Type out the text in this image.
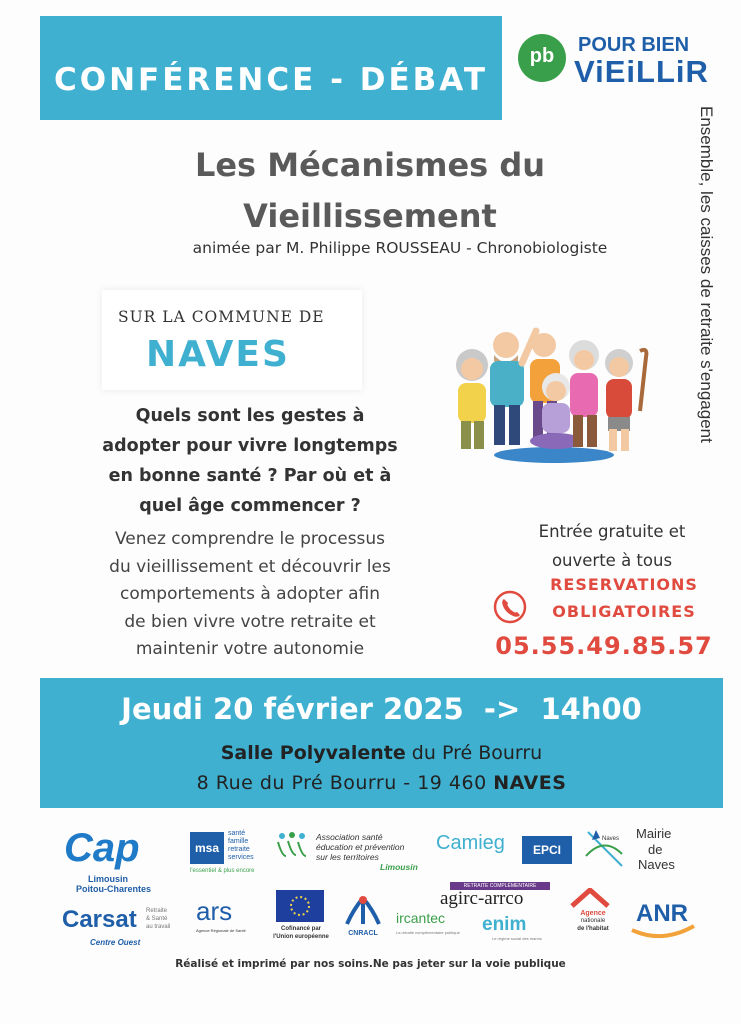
CONFÉRENCE - DÉBAT
pb	POUR BIEN
ViEiLLiR
Ensemble, les caisses de retraite s'engagent
Les Mécanismes du
Vieillissement
animée par M. Philippe ROUSSEAU - Chronobiologiste
SUR LA COMMUNE DE
NAVES
Quels sont les gestes à
adopter pour vivre longtemps
en bonne santé ? Par où et à
quel âge commencer ?
Venez comprendre le processus
du vieillissement et découvrir les
comportements à adopter afin
de bien vivre votre retraite et
maintenir votre autonomie
Entrée gratuite et
ouverte à tous
RESERVATIONS
OBLIGATOIRES
05.55.49.85.57
Jeudi 20 février 2025 -> 14h00
Salle Polyvalente du Pré Bourru
8 Rue du Pré Bourru - 19 460 NAVES
Cap
Limousin
Poitou-Charentes
msa
santé
famille
retraite
services
l'essentiel & plus encore
Association santé
éducation et prévention
sur les territoires
Limousin
Camieg	EPCI
Naves Mairie
de
Naves
Carsat Retraite
& Santé
au travail
Centre Ouest
ars
Agence Régionale de Santé	Cofinancé par
l'Union européenne	CNRACL
ircantec
La retraite complémentaire publique
RETRAITE COMPLÉMENTAIRE
agirc-arrco
enim
Le régime social des marins
Agence
nationale
de l'habitat
ANR
Réalisé et imprimé par nos soins.Ne pas jeter sur la voie publique
